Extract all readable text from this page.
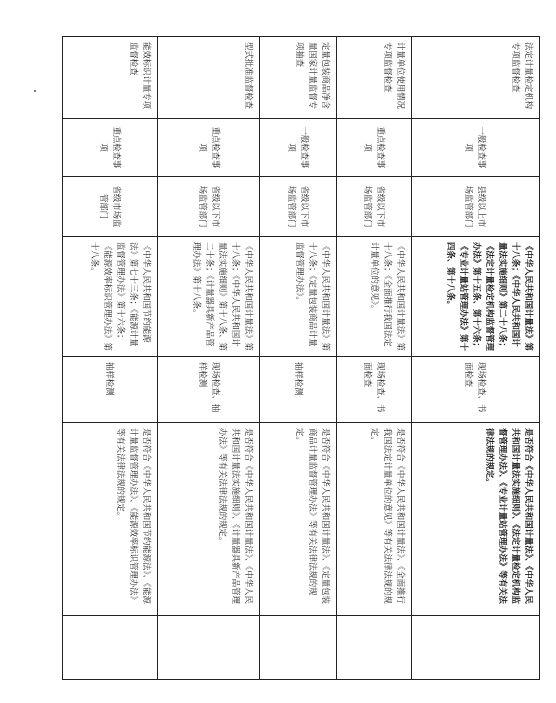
法定计量检定机构专项监督检查	一般检查事项	县级以上市场监管部门	《中华人民共和国计量法》第十八条；《中华人民共和国计量法实施细则》第二十八条；《法定计量检定机构监督管理办法》第十五条、第十六条；《专业计量站管理办法》第十四条、第十八条。	现场检查、书面检查	是否符合《中华人民共和国计量法》、《中华人民共和国计量法实施细则》、《法定计量检定机构监督管理办法》、《专业计量站管理办法》等有关法律法规的规定。	
计量单位使用情况专项监督检查	重点检查事项	省级以下市场监管部门	《中华人民共和国计量法》第十八条；《全面推行我国法定计量单位的意见》。	现场检查、书面检查	是否符合《中华人民共和国计量法》、《全面推行我国法定计量单位的意见》等有关法律法规的规定。	
定量包装商品净含量国家计量监督专项抽查	一般检查事项	省级以下市场监管部门	《中华人民共和国计量法》第十八条；《定量包装商品计量监督管理办法》。	抽样检测	是否符合《中华人民共和国计量法》、《定量包装商品计量监督管理办法》等有关法律法规的规定。	
型式批准监督检查	重点检查事项	省级以下市场监管部门	《中华人民共和国计量法》第十八条；《中华人民共和国计量法实施细则》第十八条、第二十条；《计量器具新产品管理办法》第十八条。	现场检查、抽样检测	是否符合《中华人民共和国计量法》、《中华人民共和国计量法实施细则》、《计量器具新产品管理办法》等有关法律法规的规定。	
能效标识计量专项监督检查	重点检查事项	省级市场监管部门	《中华人民共和国节约能源法》第七十三条；《能源计量监督管理办法》第十六条；《能源效率标识管理办法》第十八条。	抽样检测	是否符合《中华人民共和国节约能源法》、《能源计量监督管理办法》、《能源效率标识管理办法》等有关法律法规的规定。	
